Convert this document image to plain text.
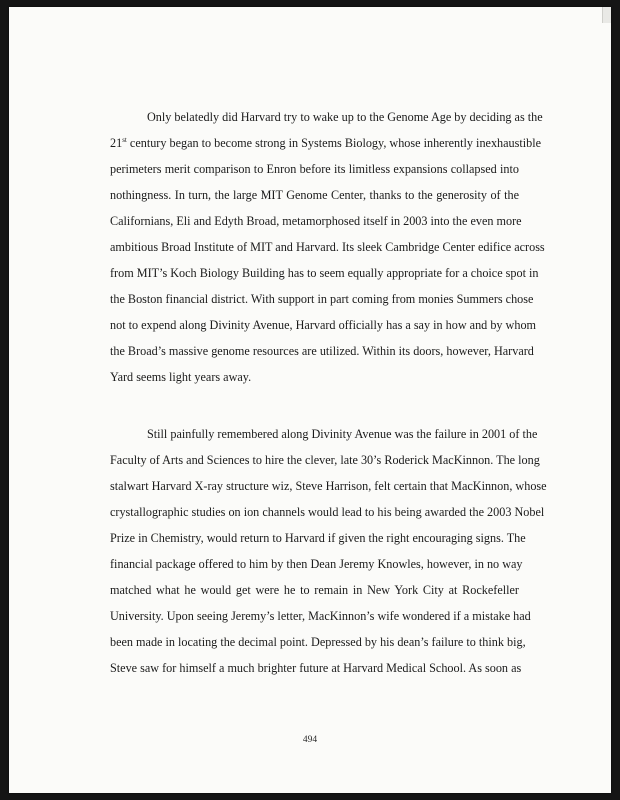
Only belatedly did Harvard try to wake up to the Genome Age by deciding as the
21st century began to become strong in Systems Biology, whose inherently inexhaustible
perimeters merit comparison to Enron before its limitless expansions collapsed into
nothingness. In turn, the large MIT Genome Center, thanks to the generosity of the
Californians, Eli and Edyth Broad, metamorphosed itself in 2003 into the even more
ambitious Broad Institute of MIT and Harvard. Its sleek Cambridge Center edifice across
from MIT’s Koch Biology Building has to seem equally appropriate for a choice spot in
the Boston financial district. With support in part coming from monies Summers chose
not to expend along Divinity Avenue, Harvard officially has a say in how and by whom
the Broad’s massive genome resources are utilized. Within its doors, however, Harvard
Yard seems light years away.
Still painfully remembered along Divinity Avenue was the failure in 2001 of the
Faculty of Arts and Sciences to hire the clever, late 30’s Roderick MacKinnon. The long
stalwart Harvard X-ray structure wiz, Steve Harrison, felt certain that MacKinnon, whose
crystallographic studies on ion channels would lead to his being awarded the 2003 Nobel
Prize in Chemistry, would return to Harvard if given the right encouraging signs. The
financial package offered to him by then Dean Jeremy Knowles, however, in no way
matched what he would get were he to remain in New York City at Rockefeller
University. Upon seeing Jeremy’s letter, MacKinnon’s wife wondered if a mistake had
been made in locating the decimal point. Depressed by his dean’s failure to think big,
Steve saw for himself a much brighter future at Harvard Medical School. As soon as
494
